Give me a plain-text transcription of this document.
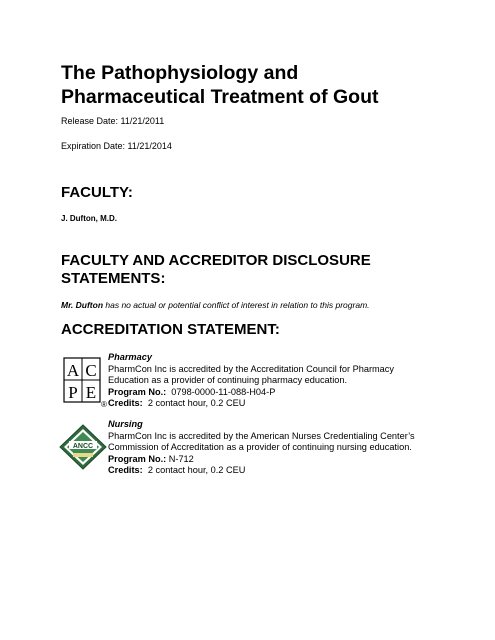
The Pathophysiology and
Pharmaceutical Treatment of Gout

Release Date: 11/21/2011

Expiration Date: 11/21/2014

FACULTY:

J. Dufton, M.D.

FACULTY AND ACCREDITOR DISCLOSURE
STATEMENTS:

Mr. Dufton has no actual or potential conflict of interest in relation to this program.

ACCREDITATION STATEMENT:
A C
P E
®
Pharmacy
PharmCon Inc is accredited by the Accreditation Council for Pharmacy
Education as a provider of continuing pharmacy education.
Program No.:  0798-0000-11-088-H04-P
Credits:  2 contact hour, 0.2 CEU
ANCC
Nursing
PharmCon Inc is accredited by the American Nurses Credentialing Center’s
Commission of Accreditation as a provider of continuing nursing education.
Program No.: N-712
Credits:  2 contact hour, 0.2 CEU
